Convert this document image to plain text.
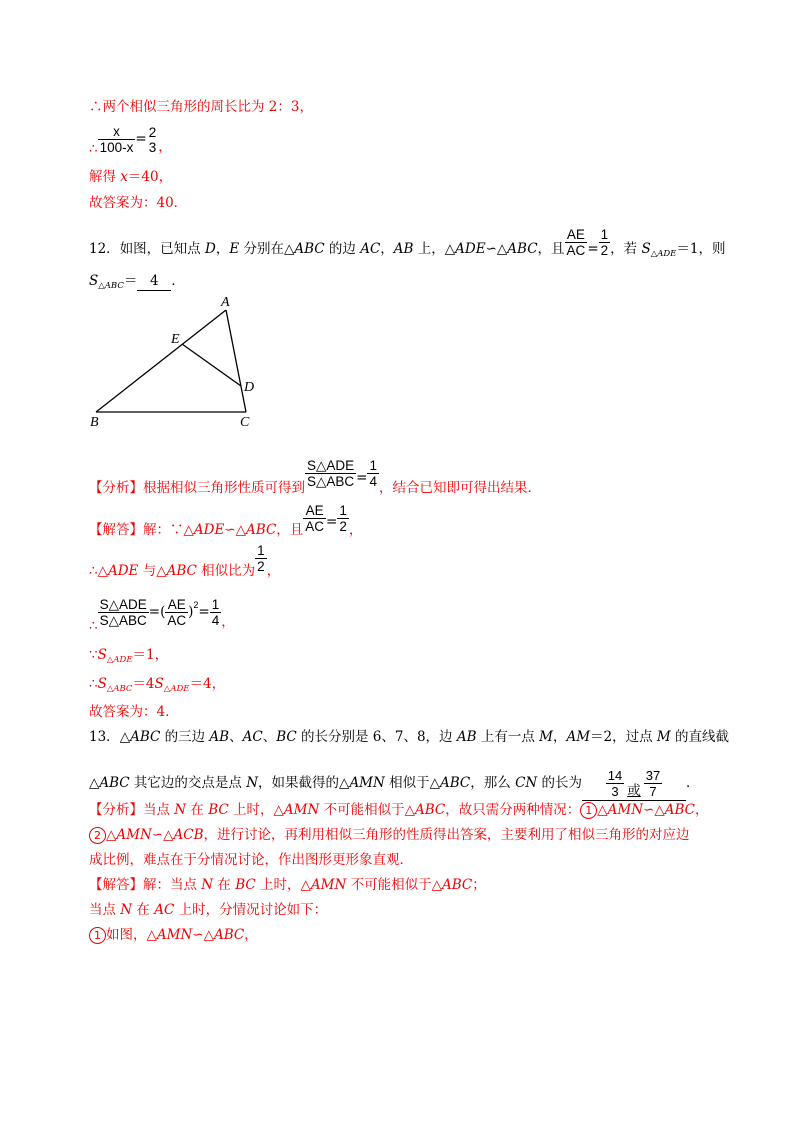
∴两个相似三角形的周长比为 2：3，
∴ $\frac{x}{100-x} = 2$
3 ，
解得 x＝40，
故答案为：40．
12．如图，已知点 D，E 分别在△ABC 的边 AC，AB 上，△ADE∽△ABC，且 $\frac{AE}{AC} = \frac{1}{2}$ ，若 $S_{\triangle ADE}=1$，则
$S_{\triangle ABC}= 4$ ．
A
E
D
B	C
【分析】根据相似三角形性质可得到 $\frac{\text{S△ADE}}{\text{S△ABC}} = \frac{1}{4}$ ，结合已知即可得出结果．
【解答】解：∵△ADE∽△ABC，且 $\frac{AE}{AC} = \frac{1}{2}$ ，
∴△ADE 与△ABC 相似比为 $\frac{1}{2}$ ，
∴ $\frac{\text{S△ADE}}{\text{S△ABC}}$ =( $\frac{AE}{AC} )^2= \frac{1}{4}$ ，
$\because S_{\triangle ADE}=1$，
$\therefore S_{\triangle ABC}=4S_{\triangle ADE}=4$，
故答案为：4．
13．△ABC 的三边 AB、AC、BC 的长分别是 6、7、8，边 AB 上有一点 M，AM＝2，过点 M 的直线截
△ABC 其它边的交点是点 N，如果截得的△AMN 相似于△ABC，那么 CN 的长为 $\frac{14}{3}$ 或 $\frac{37}{7}$ ．
【分析】当点 N 在 BC 上时，△AMN 不可能相似于△ABC，故只需分两种情况： 1 △AMN∽△ABC，
2 △AMN∽△ACB，进行讨论，再利用相似三角形的性质得出答案，主要利用了相似三角形的对应边
成比例，难点在于分情况讨论，作出图形更形象直观．
【解答】解：当点 N 在 BC 上时，△AMN 不可能相似于△ABC；
当点 N 在 AC 上时，分情况讨论如下：
1 如图，△AMN∽△ABC，
